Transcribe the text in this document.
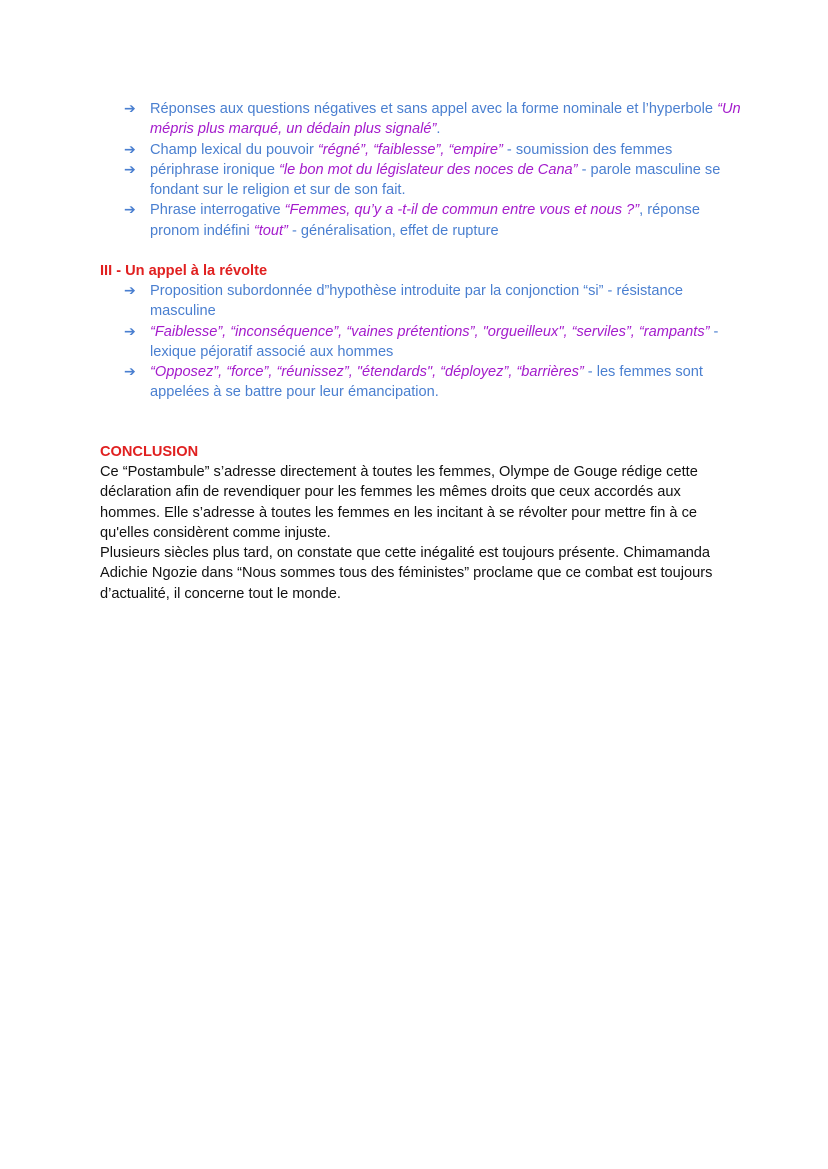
➔ Réponses aux questions négatives et sans appel avec la forme nominale et l’hyperbole “Un mépris plus marqué, un dédain plus signalé”.
➔ Champ lexical du pouvoir “régné”, “faiblesse”, “empire” - soumission des femmes
➔ périphrase ironique “le bon mot du législateur des noces de Cana” - parole masculine se fondant sur le religion et sur de son fait.
➔ Phrase interrogative “Femmes, qu’y a -t-il de commun entre vous et nous ?”, réponse pronom indéfini “tout” - généralisation, effet de rupture
III - Un appel à la révolte
➔ Proposition subordonnée d”hypothèse introduite par la conjonction “si” - résistance masculine
➔ “Faiblesse”, “inconséquence”, “vaines prétentions”, "orgueilleux", “serviles”, “rampants” - lexique péjoratif associé aux hommes
➔ “Opposez”, “force”, “réunissez”, "étendards", “déployez”, “barrières” - les femmes sont appelées à se battre pour leur émancipation.
CONCLUSION

Ce “Postambule” s’adresse directement à toutes les femmes, Olympe de Gouge rédige cette déclaration afin de revendiquer pour les femmes les mêmes droits que ceux accordés aux hommes. Elle s’adresse à toutes les femmes en les incitant à se révolter pour mettre fin à ce qu'elles considèrent comme injuste.
Plusieurs siècles plus tard, on constate que cette inégalité est toujours présente. Chimamanda Adichie Ngozie dans “Nous sommes tous des féministes” proclame que ce combat est toujours d’actualité, il concerne tout le monde.
